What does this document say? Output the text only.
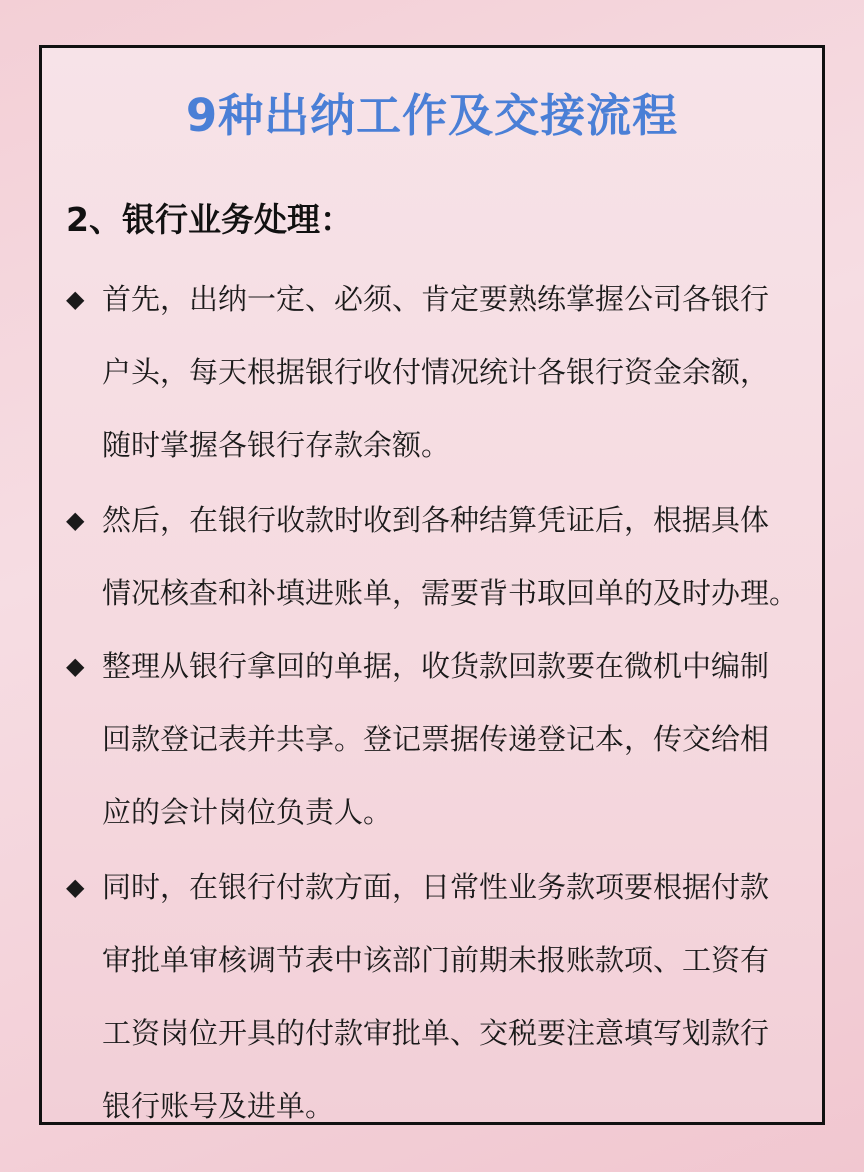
9种出纳工作及交接流程
2、银行业务处理：
◆ 首先，出纳一定、必须、肯定要熟练掌握公司各银行
户头，每天根据银行收付情况统计各银行资金余额，
随时掌握各银行存款余额。
◆ 然后，在银行收款时收到各种结算凭证后，根据具体
情况核查和补填进账单，需要背书取回单的及时办理。
◆ 整理从银行拿回的单据，收货款回款要在微机中编制
回款登记表并共享。登记票据传递登记本，传交给相
应的会计岗位负责人。
◆ 同时，在银行付款方面，日常性业务款项要根据付款
审批单审核调节表中该部门前期未报账款项、工资有
工资岗位开具的付款审批单、交税要注意填写划款行
银行账号及进单。
